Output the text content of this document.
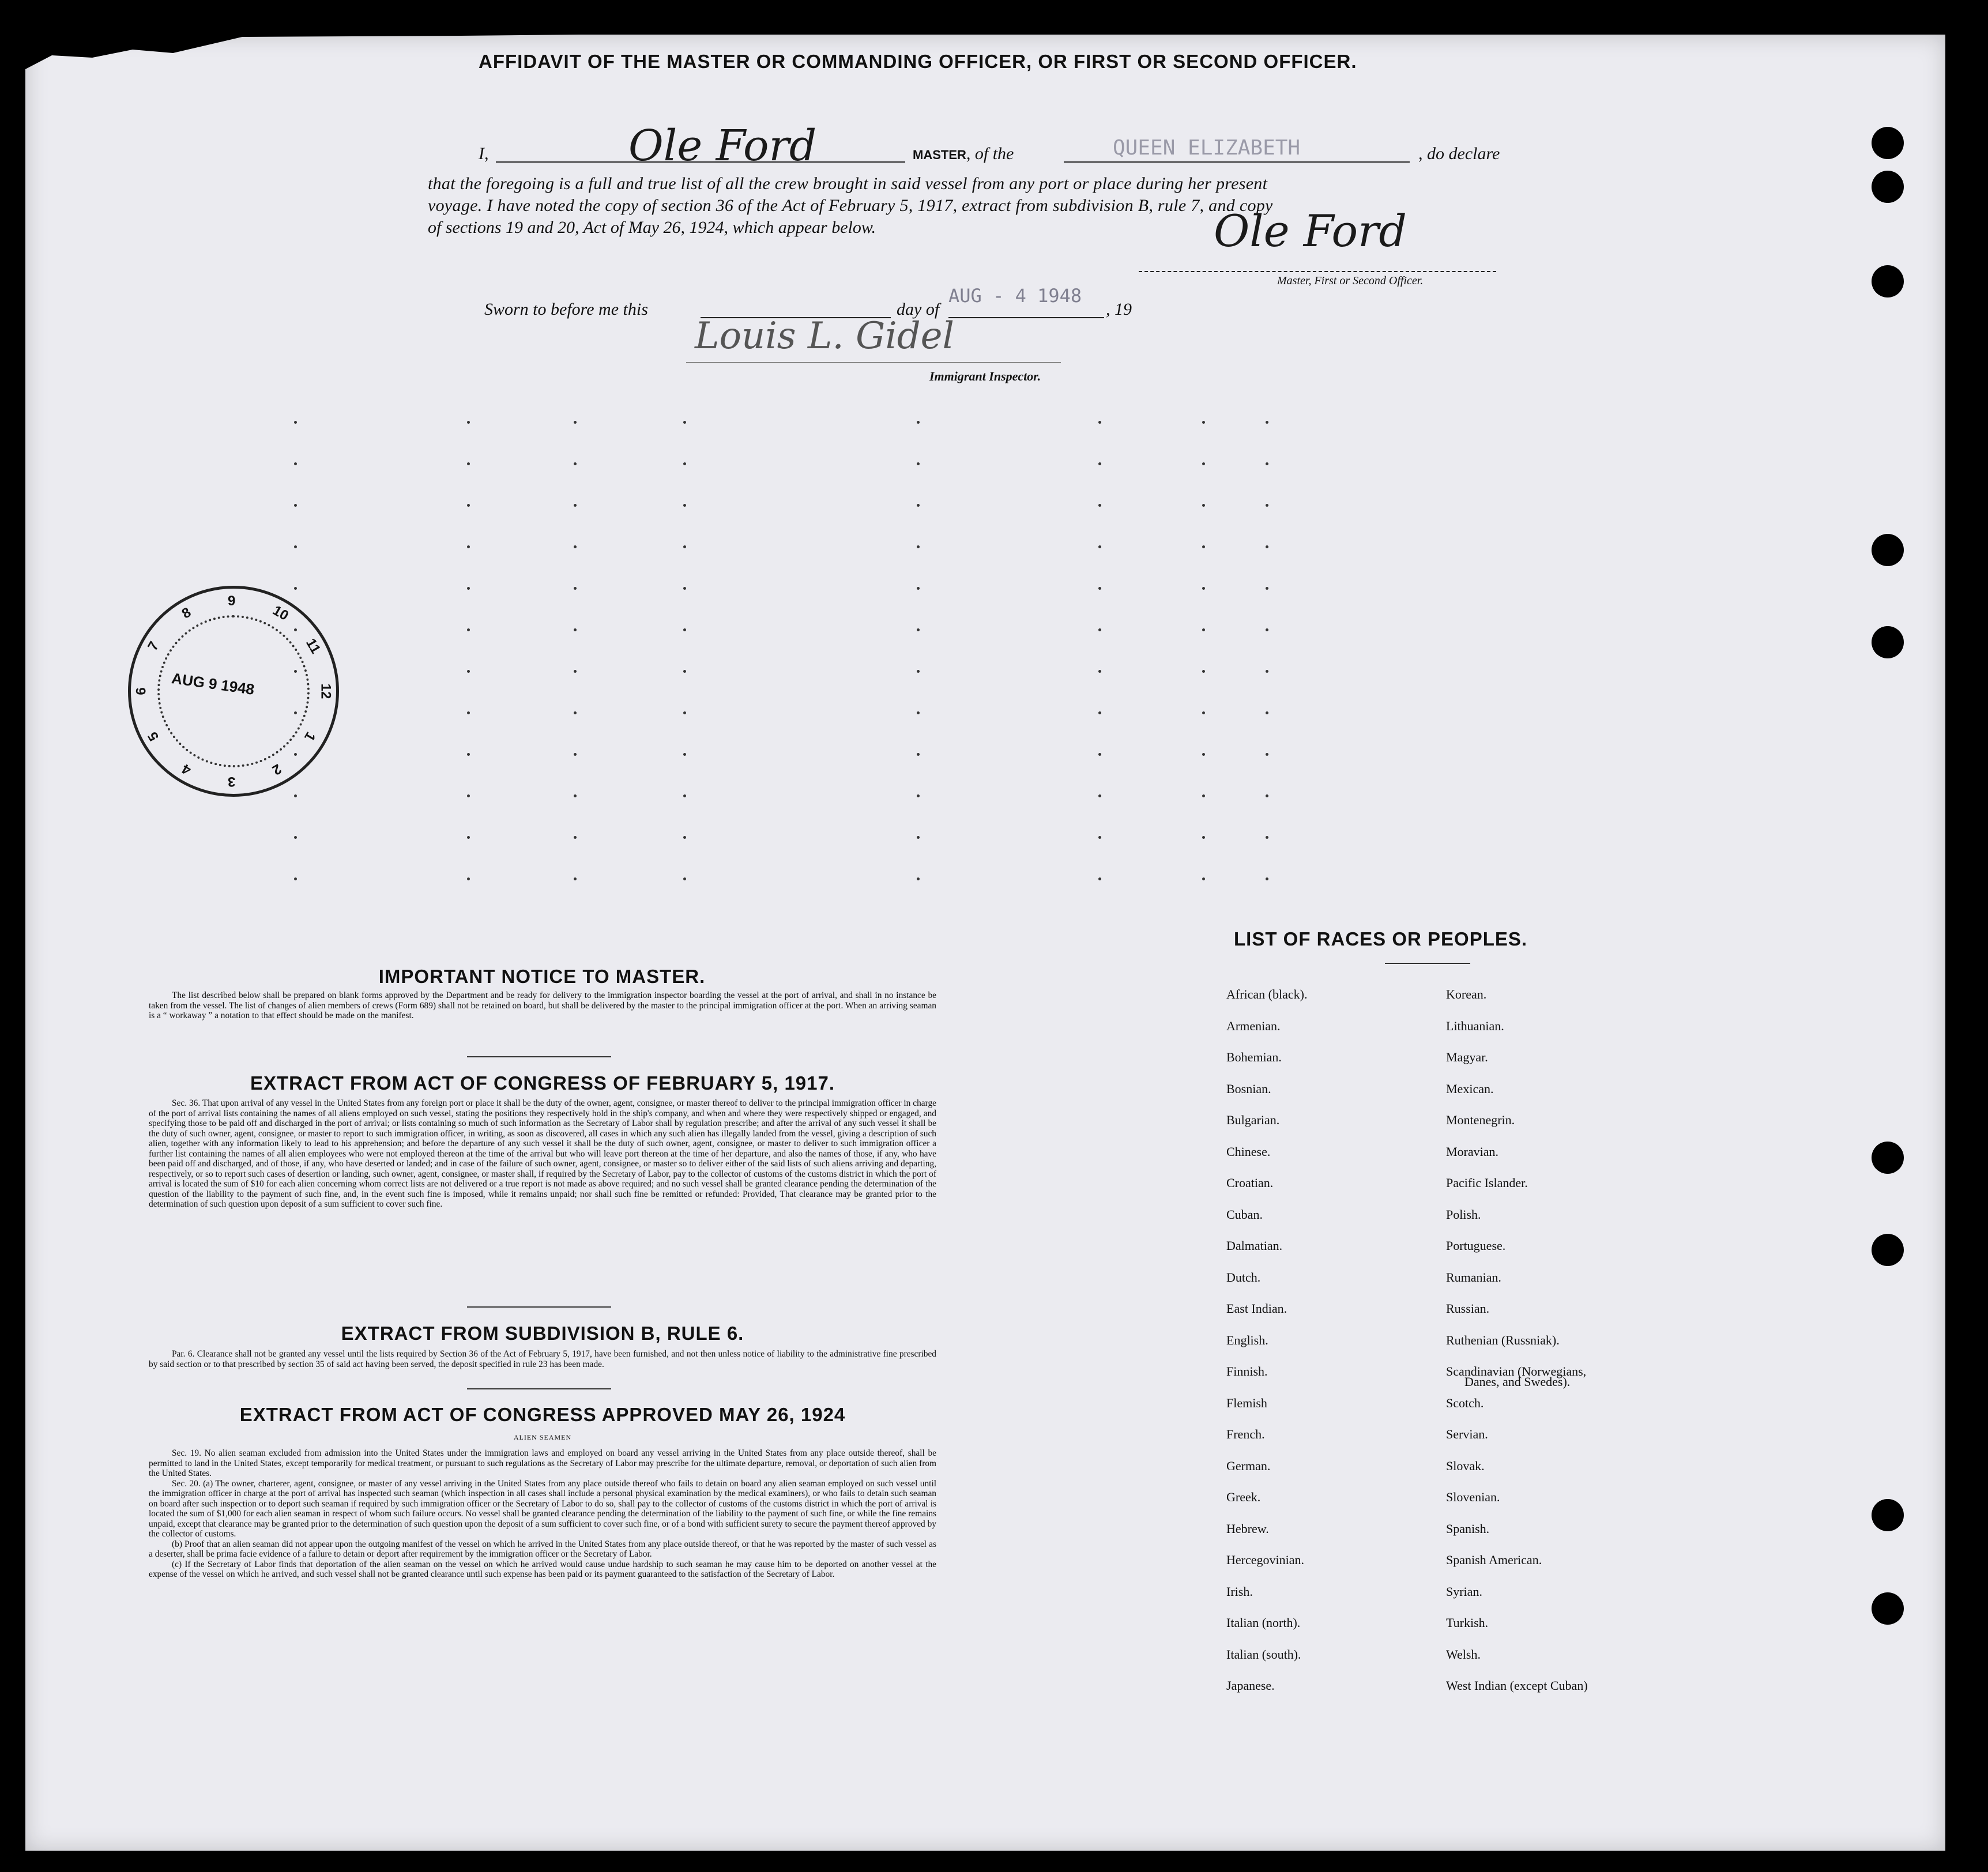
AFFIDAVIT OF THE MASTER OR COMMANDING OFFICER, OR FIRST OR SECOND OFFICER.
I,	Ole Ford	MASTER, of the	QUEEN ELIZABETH	, do declare
that the foregoing is a full and true list of all the crew brought in said vessel from any port or place during her present
voyage. I have noted the copy of section 36 of the Act of February 5, 1917, extract from subdivision B, rule 7, and copy
of sections 19 and 20, Act of May 26, 1924, which appear below.	Ole Ford
Master, First or Second Officer.
Sworn to before me this	day of
AUG - 4 1948
, 19
Louis L. Gidel
Immigrant Inspector.
AUG 9 1948
8
9
10
11
12
1
2
3
4
5
6
7
IMPORTANT NOTICE TO MASTER.

The list described below shall be prepared on blank forms approved by the Department and be ready for delivery to the immigration inspector boarding the vessel at the port of arrival, and shall in no instance be taken from the vessel. The list of changes of alien members of crews (Form 689) shall not be retained on board, but shall be delivered by the master to the principal immigration officer at the port. When an arriving seaman is a “ workaway ” a notation to that effect should be made on the manifest.

EXTRACT FROM ACT OF CONGRESS OF FEBRUARY 5, 1917.

Sec. 36. That upon arrival of any vessel in the United States from any foreign port or place it shall be the duty of the owner, agent, consignee, or master thereof to deliver to the principal immigration officer in charge of the port of arrival lists containing the names of all aliens employed on such vessel, stating the positions they respectively hold in the ship's company, and when and where they were respectively shipped or engaged, and specifying those to be paid off and discharged in the port of arrival; or lists containing so much of such information as the Secretary of Labor shall by regulation prescribe; and after the arrival of any such vessel it shall be the duty of such owner, agent, consignee, or master to report to such immigration officer, in writing, as soon as discovered, all cases in which any such alien has illegally landed from the vessel, giving a description of such alien, together with any information likely to lead to his apprehension; and before the departure of any such vessel it shall be the duty of such owner, agent, consignee, or master to deliver to such immigration officer a further list containing the names of all alien employees who were not employed thereon at the time of the arrival but who will leave port thereon at the time of her departure, and also the names of those, if any, who have been paid off and discharged, and of those, if any, who have deserted or landed; and in case of the failure of such owner, agent, consignee, or master so to deliver either of the said lists of such aliens arriving and departing, respectively, or so to report such cases of desertion or landing, such owner, agent, consignee, or master shall, if required by the Secretary of Labor, pay to the collector of customs of the customs district in which the port of arrival is located the sum of $10 for each alien concerning whom correct lists are not delivered or a true report is not made as above required; and no such vessel shall be granted clearance pending the determination of the question of the liability to the payment of such fine, and, in the event such fine is imposed, while it remains unpaid; nor shall such fine be remitted or refunded: Provided, That clearance may be granted prior to the determination of such question upon deposit of a sum sufficient to cover such fine.

EXTRACT FROM SUBDIVISION B, RULE 6.

Par. 6. Clearance shall not be granted any vessel until the lists required by Section 36 of the Act of February 5, 1917, have been furnished, and not then unless notice of liability to the administrative fine prescribed by said section or to that prescribed by section 35 of said act having been served, the deposit specified in rule 23 has been made.

EXTRACT FROM ACT OF CONGRESS APPROVED MAY 26, 1924
ALIEN SEAMEN

Sec. 19. No alien seaman excluded from admission into the United States under the immigration laws and employed on board any vessel arriving in the United States from any place outside thereof, shall be permitted to land in the United States, except temporarily for medical treatment, or pursuant to such regulations as the Secretary of Labor may prescribe for the ultimate departure, removal, or deportation of such alien from the United States.

Sec. 20. (a) The owner, charterer, agent, consignee, or master of any vessel arriving in the United States from any place outside thereof who fails to detain on board any alien seaman employed on such vessel until the immigration officer in charge at the port of arrival has inspected such seaman (which inspection in all cases shall include a personal physical examination by the medical examiners), or who fails to detain such seaman on board after such inspection or to deport such seaman if required by such immigration officer or the Secretary of Labor to do so, shall pay to the collector of customs of the customs district in which the port of arrival is located the sum of $1,000 for each alien seaman in respect of whom such failure occurs. No vessel shall be granted clearance pending the determination of the liability to the payment of such fine, or while the fine remains unpaid, except that clearance may be granted prior to the determination of such question upon the deposit of a sum sufficient to cover such fine, or of a bond with sufficient surety to secure the payment thereof approved by the collector of customs.

(b) Proof that an alien seaman did not appear upon the outgoing manifest of the vessel on which he arrived in the United States from any place outside thereof, or that he was reported by the master of such vessel as a deserter, shall be prima facie evidence of a failure to detain or deport after requirement by the immigration officer or the Secretary of Labor.

(c) If the Secretary of Labor finds that deportation of the alien seaman on the vessel on which he arrived would cause undue hardship to such seaman he may cause him to be deported on another vessel at the expense of the vessel on which he arrived, and such vessel shall not be granted clearance until such expense has been paid or its payment guaranteed to the satisfaction of the Secretary of Labor.

LIST OF RACES OR PEOPLES.
African (black).
Armenian.
Bohemian.
Bosnian.
Bulgarian.
Chinese.
Croatian.
Cuban.
Dalmatian.
Dutch.
East Indian.
English.
Finnish.
Flemish
French.
German.
Greek.
Hebrew.
Hercegovinian.
Irish.
Italian (north).
Italian (south).
Japanese.
Korean.
Lithuanian.
Magyar.
Mexican.
Montenegrin.
Moravian.
Pacific Islander.
Polish.
Portuguese.
Rumanian.
Russian.
Ruthenian (Russniak).
Scandinavian (Norwegians,
Scotch.
Servian.
Slovak.
Slovenian.
Spanish.
Spanish American.
Syrian.
Turkish.
Welsh.
West Indian (except Cuban)
Danes, and Swedes).
